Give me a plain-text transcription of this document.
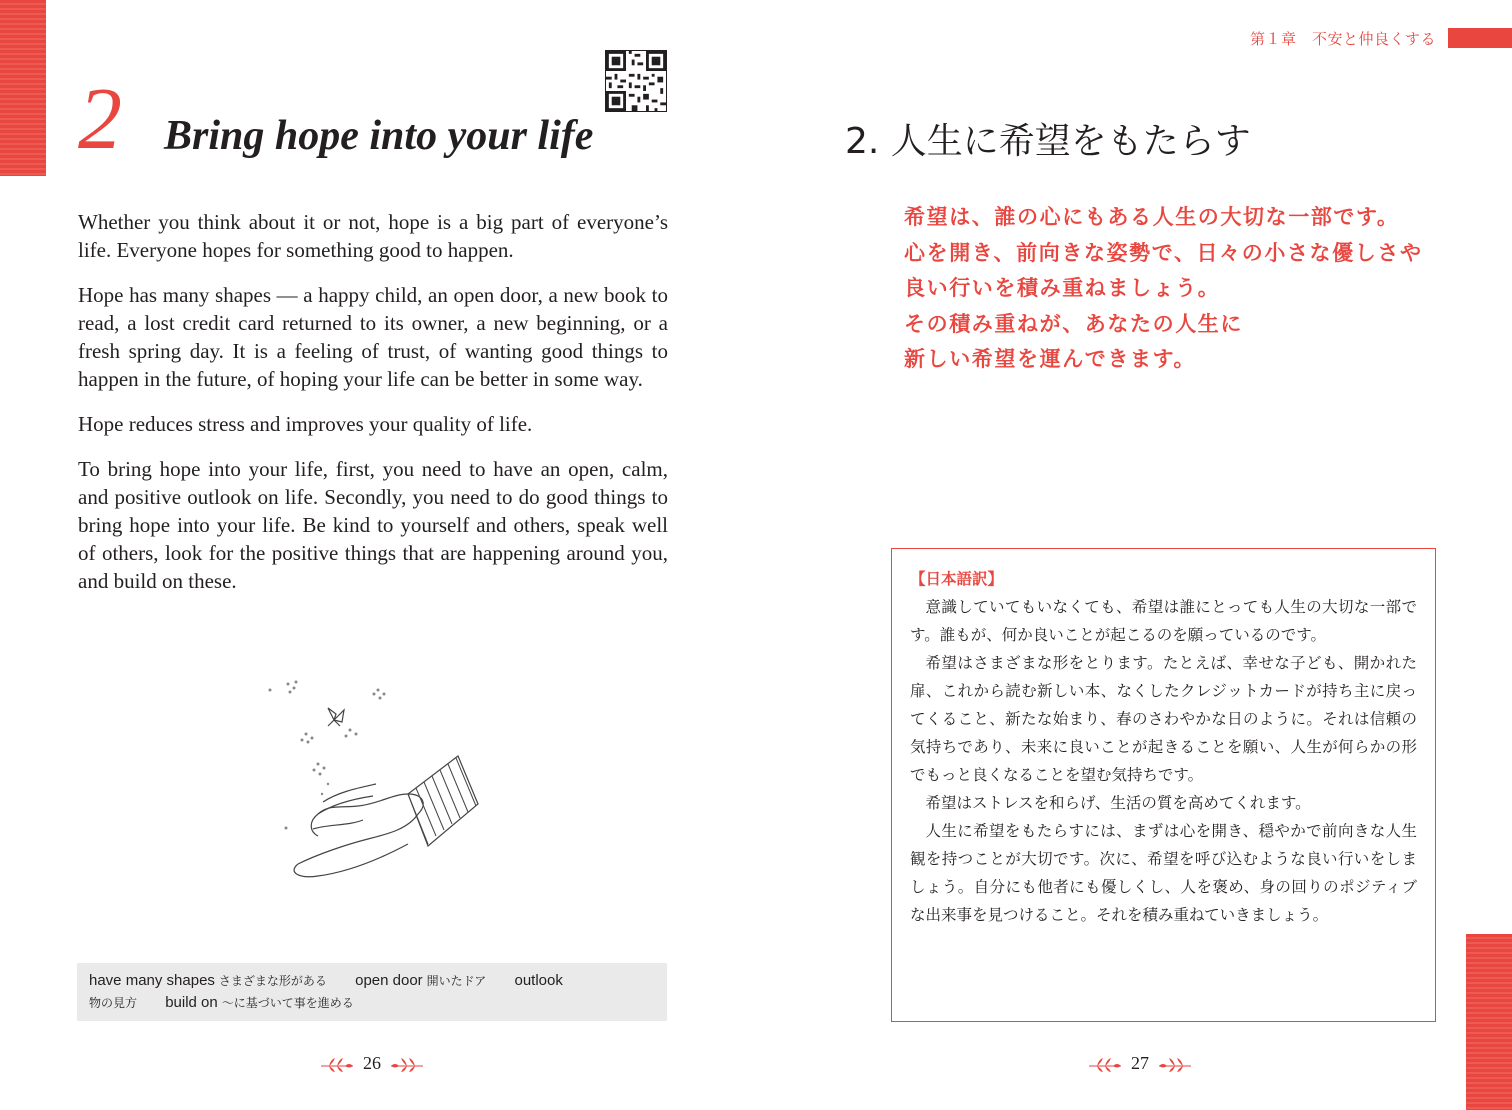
第１章　不安と仲良くする
2 Bring hope into your life

Whether you think about it or not, hope is a big part of everyone’s life. Everyone hopes for something good to happen.

Hope has many shapes — a happy child, an open door, a new book to read, a lost credit card returned to its owner, a new beginning, or a fresh spring day. It is a feeling of trust, of wanting good things to happen in the future, of hoping your life can be better in some way.

Hope reduces stress and improves your quality of life.

To bring hope into your life, first, you need to have an open, calm, and positive outlook on life. Secondly, you need to do good things to bring hope into your life. Be kind to yourself and others, speak well of others, look for the positive things that are happening around you, and build on these.

have many shapes さまざまな形がある open door 開いたドア outlook
物の見方 build on 〜に基づいて事を進める
26
2. 人生に希望をもたらす
希望は、誰の心にもある人生の大切な一部です。
心を開き、前向きな姿勢で、日々の小さな優しさや
良い行いを積み重ねましょう。
その積み重ねが、あなたの人生に
新しい希望を運んできます。
【日本語訳】

意識していてもいなくても、希望は誰にとっても人生の大切な一部です。誰もが、何か良いことが起こるのを願っているのです。

希望はさまざまな形をとります。たとえば、幸せな子ども、開かれた扉、これから読む新しい本、なくしたクレジットカードが持ち主に戻ってくること、新たな始まり、春のさわやかな日のように。それは信頼の気持ちであり、未来に良いことが起きることを願い、人生が何らかの形でもっと良くなることを望む気持ちです。

希望はストレスを和らげ、生活の質を高めてくれます。

人生に希望をもたらすには、まずは心を開き、穏やかで前向きな人生観を持つことが大切です。次に、希望を呼び込むような良い行いをしましょう。自分にも他者にも優しくし、人を褒め、身の回りのポジティブな出来事を見つけること。それを積み重ねていきましょう。

27
